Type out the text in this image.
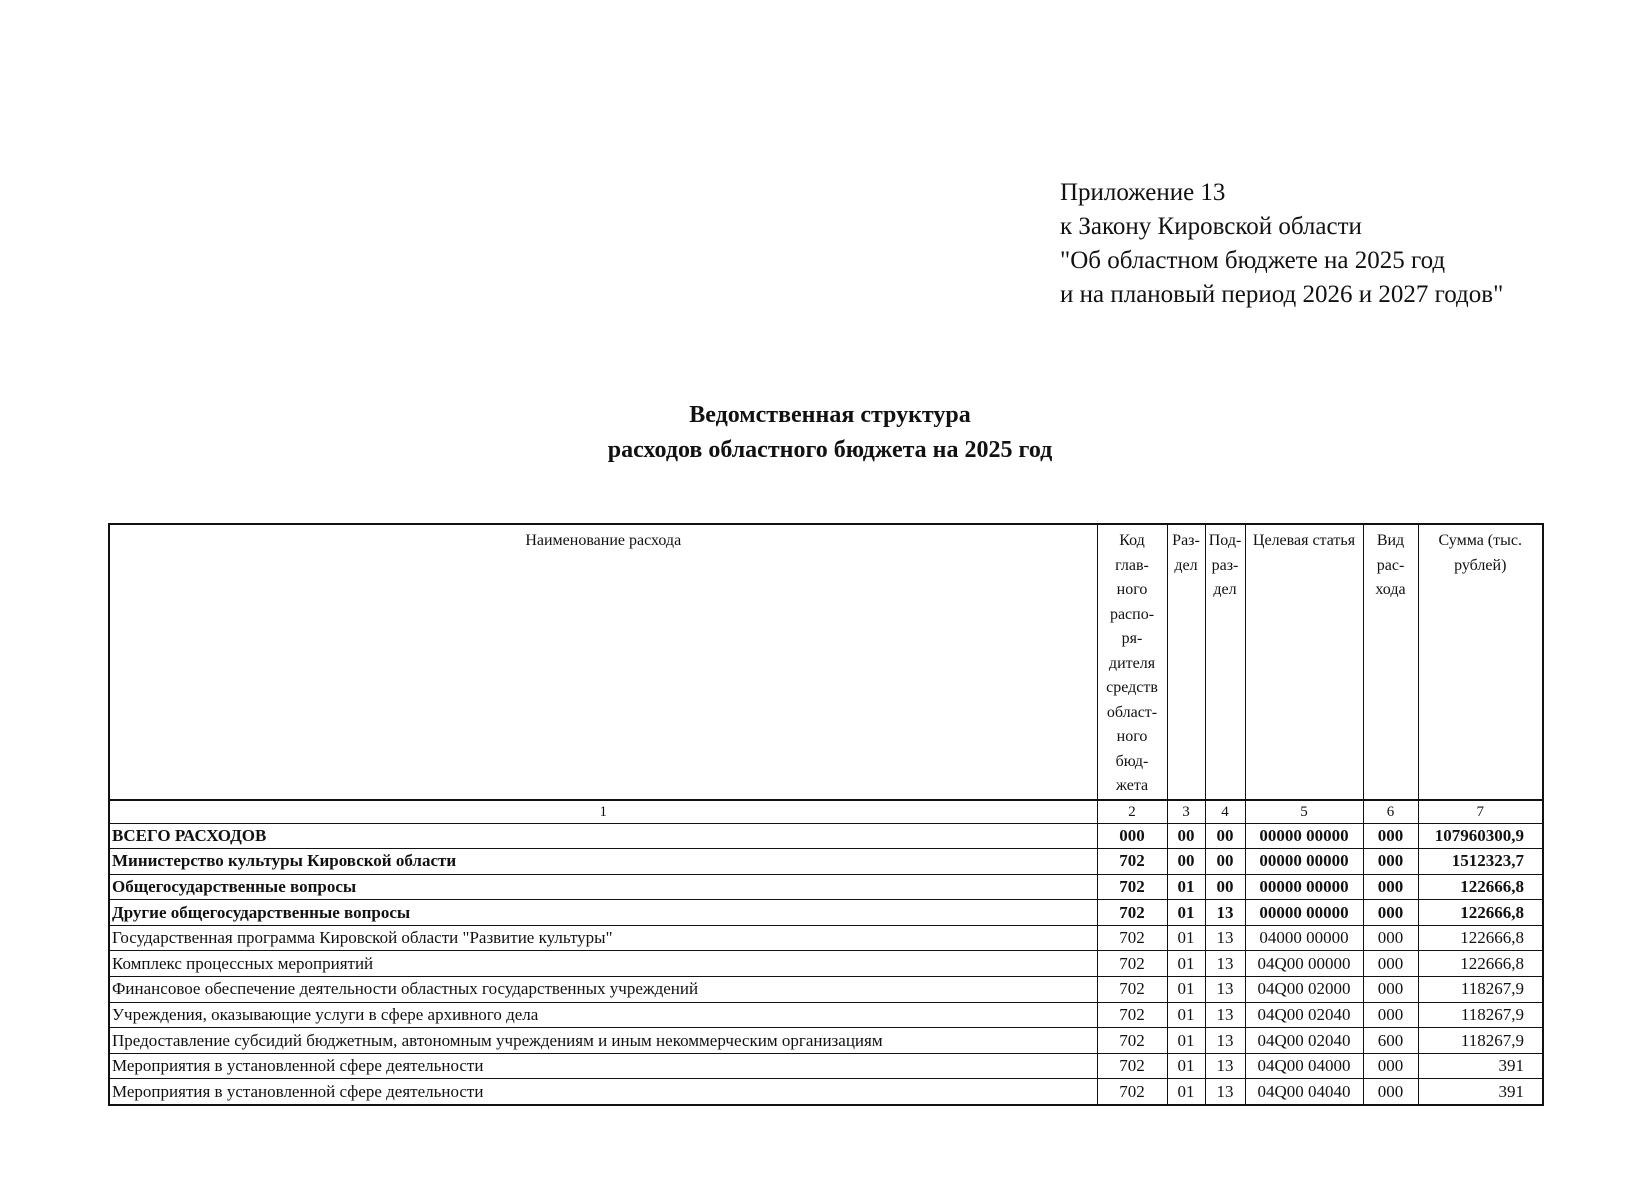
Приложение 13
к Закону Кировской области
"Об областном бюджете на 2025 год
и на плановый период 2026 и 2027 годов"
Ведомственная структура
расходов областного бюджета на 2025 год
Наименование расхода	Код глав- ного распо- ря- дителя средств област- ного бюд- жета	Раз- дел	Под- раз- дел	Целевая статья	Вид рас- хода	Сумма (тыс. рублей)
1	2	3	4	5	6	7
ВСЕГО РАСХОДОВ	000	00	00	00000 00000	000	107960300,9
Министерство культуры Кировской области	702	00	00	00000 00000	000	1512323,7
Общегосударственные вопросы	702	01	00	00000 00000	000	122666,8
Другие общегосударственные вопросы	702	01	13	00000 00000	000	122666,8
Государственная программа Кировской области "Развитие культуры"	702	01	13	04000 00000	000	122666,8
Комплекс процессных мероприятий	702	01	13	04Q00 00000	000	122666,8
Финансовое обеспечение деятельности областных государственных учреждений	702	01	13	04Q00 02000	000	118267,9
Учреждения, оказывающие услуги в сфере архивного дела	702	01	13	04Q00 02040	000	118267,9
Предоставление субсидий бюджетным, автономным учреждениям и иным некоммерческим организациям	702	01	13	04Q00 02040	600	118267,9
Мероприятия в установленной сфере деятельности	702	01	13	04Q00 04000	000	391
Мероприятия в установленной сфере деятельности	702	01	13	04Q00 04040	000	391
